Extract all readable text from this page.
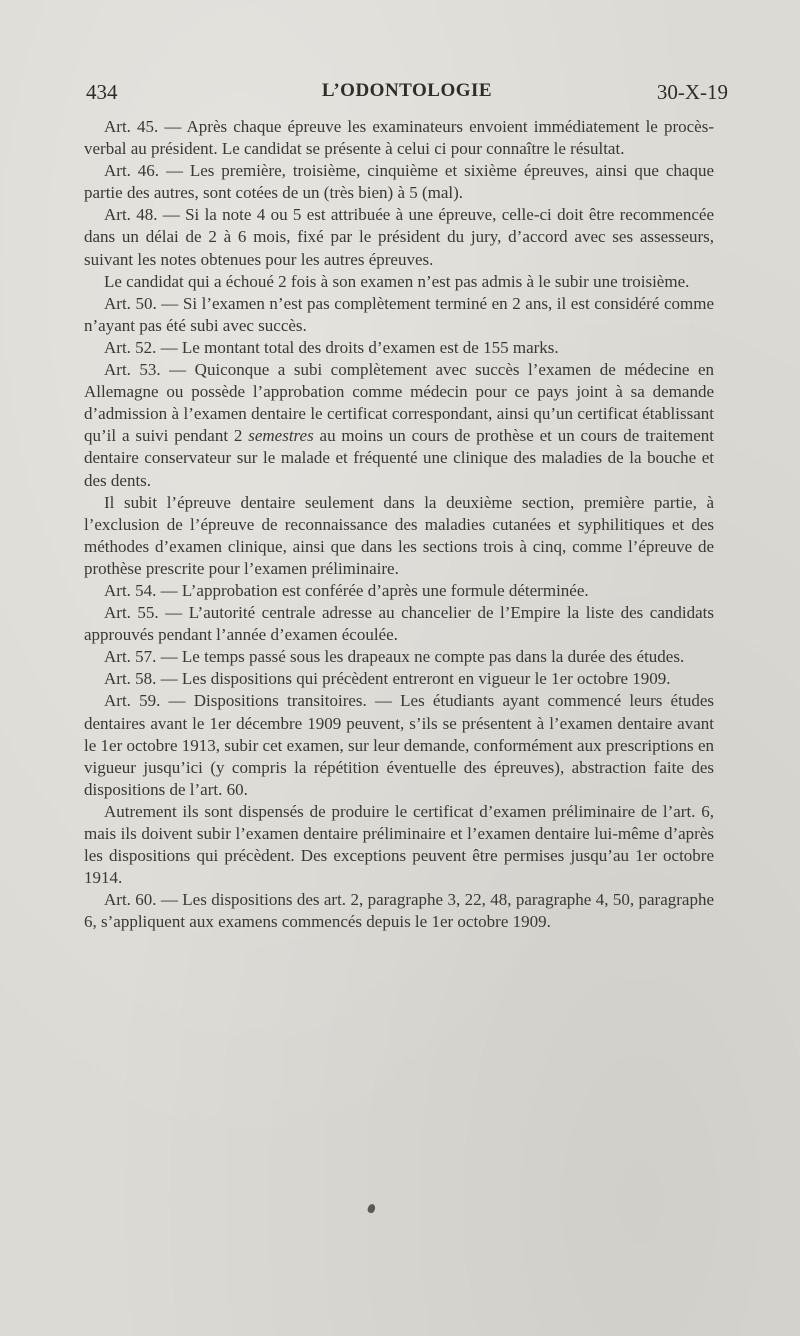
434	L’ODONTOLOGIE	30-X-19

Art. 45. — Après chaque épreuve les examinateurs envoient immédiatement le procès-verbal au président. Le candidat se présente à celui ci pour connaître le résultat.

Art. 46. — Les première, troisième, cinquième et sixième épreuves, ainsi que chaque partie des autres, sont cotées de un (très bien) à 5 (mal).

Art. 48. — Si la note 4 ou 5 est attribuée à une épreuve, celle-ci doit être recommencée dans un délai de 2 à 6 mois, fixé par le président du jury, d’accord avec ses assesseurs, suivant les notes obtenues pour les autres épreuves.

Le candidat qui a échoué 2 fois à son examen n’est pas admis à le subir une troisième.

Art. 50. — Si l’examen n’est pas complètement terminé en 2 ans, il est considéré comme n’ayant pas été subi avec succès.

Art. 52. — Le montant total des droits d’examen est de 155 marks.

Art. 53. — Quiconque a subi complètement avec succès l’examen de médecine en Allemagne ou possède l’approbation comme médecin pour ce pays joint à sa demande d’admission à l’examen dentaire le certificat correspondant, ainsi qu’un certificat établissant qu’il a suivi pendant 2 semestres au moins un cours de prothèse et un cours de traitement dentaire conservateur sur le malade et fréquenté une clinique des maladies de la bouche et des dents.

Il subit l’épreuve dentaire seulement dans la deuxième section, première partie, à l’exclusion de l’épreuve de reconnaissance des maladies cutanées et syphilitiques et des méthodes d’examen clinique, ainsi que dans les sections trois à cinq, comme l’épreuve de prothèse prescrite pour l’examen préliminaire.

Art. 54. — L’approbation est conférée d’après une formule déterminée.

Art. 55. — L’autorité centrale adresse au chancelier de l’Empire la liste des candidats approuvés pendant l’année d’examen écoulée.

Art. 57. — Le temps passé sous les drapeaux ne compte pas dans la durée des études.

Art. 58. — Les dispositions qui précèdent entreront en vigueur le 1er octobre 1909.

Art. 59. — Dispositions transitoires. — Les étudiants ayant commencé leurs études dentaires avant le 1er décembre 1909 peuvent, s’ils se présentent à l’examen dentaire avant le 1er octobre 1913, subir cet examen, sur leur demande, conformément aux prescriptions en vigueur jusqu’ici (y compris la répétition éventuelle des épreuves), abstraction faite des dispositions de l’art. 60.

Autrement ils sont dispensés de produire le certificat d’examen préliminaire de l’art. 6, mais ils doivent subir l’examen dentaire préliminaire et l’examen dentaire lui-même d’après les dispositions qui précèdent. Des exceptions peuvent être permises jusqu’au 1er octobre 1914.

Art. 60. — Les dispositions des art. 2, paragraphe 3, 22, 48, paragraphe 4, 50, paragraphe 6, s’appliquent aux examens commencés depuis le 1er octobre 1909.
